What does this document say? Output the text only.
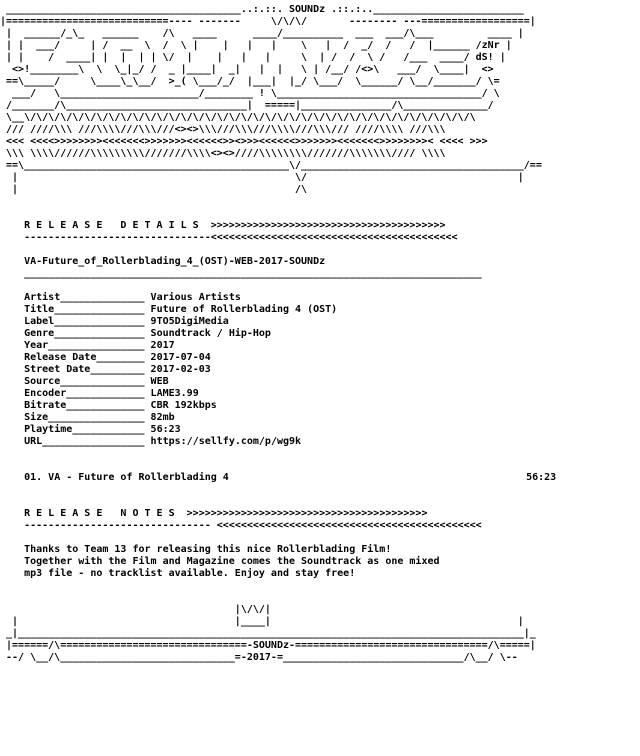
_______________________________________..:.::. SOUNDz .::.:.._________________________
|===========================---- -------     \/\/\/       -------- ---==================|
|  ______/_\_   ______    /\   ____      ____/__________  ___  ___/\___         ____ |
| |  ___/     | /  __  \  /  \ |    |   |   |    \   |  /  _/  /   /  |______ /zNr |
| |    /  ____| |  |  | | \/  |    |   |   |     \  | /  /  \ /   /___  ____/ dS! |
<>!________\  \  \_|_/ /  _ |____|  _|   |  |   \ | /__/ /<>\   ___/  \____|  <>
==\_____/     \____\_\__/  >_( \___/_/  |___|  |_/ \___/  \______/ \__/_______/ \=
___/   \_______________________/________ ! \__________________________________/ \
/_______/\______________________________|  =====|_______________/\______________/
\__\/\/\/\/\/\/\/\/\/\/\/\/\/\/\/\/\/\/\/\/\/\/\/\/\/\/\/\/\/\/\/\/\/\/\/\/\/\
/// ////\\\ ///\\\\///\\\///<><>\\\///\\\///\\\\///\\\/// ////\\\\ ///\\\
<<< <<<<>>>>>>>><<<<<<<>>>>>>><<<<<<>><>>><<<<<<>>>>>>><<<<<<<>>>>>>>>< <<<< >>>
\\\ \\\\//////\\\\\\\\\///////\\\\<><>////\\\\\\\\///////\\\\\\\//// \\\\
==\____________________________________________\/_____________________________________/==
|                                              \/                                   |
|                                              /\

R E L E A S E   D E T A I L S >>>>>>>>>>>>>>>>>>>>>>>>>>>>>>>>>>>>>>>
-------------------------------<<<<<<<<<<<<<<<<<<<<<<<<<<<<<<<<<<<<<<<<<

VA-Future_of_Rollerblading_4_(OST)-WEB-2017-SOUNDz
____________________________________________________________________________

Artist______________ Various Artists
Title_______________ Future of Rollerblading 4 (OST)
Label_______________ 9TO5DigiMedia
Genre_______________ Soundtrack / Hip-Hop
Year________________ 2017
Release Date________ 2017-07-04
Street Date_________ 2017-02-03
Source______________ WEB
Encoder_____________ LAME3.99
Bitrate_____________ CBR 192kbps
Size________________ 82mb
Playtime____________ 56:23
URL_________________ https://sellfy.com/p/wg9k

01. VA - Future of Rollerblading 4	56:23

R E L E A S E   N O T E S >>>>>>>>>>>>>>>>>>>>>>>>>>>>>>>>>>>>>>>>
------------------------------- <<<<<<<<<<<<<<<<<<<<<<<<<<<<<<<<<<<<<<<<<<<<

Thanks to Team 13 for releasing this nice Rollerblading Film!
Together with the Film and Magazine comes the Soundtrack as one mixed
mp3 file - no tracklist available. Enjoy and stay free!

|\/\/|
|                                    |____|                                         |
_|____________________________________________________________________________________|_
|======/\===============================-SOUNDz-================================/\=====|
--/ \__/\_____________________________=-2017-=______________________________/\__/ \--
